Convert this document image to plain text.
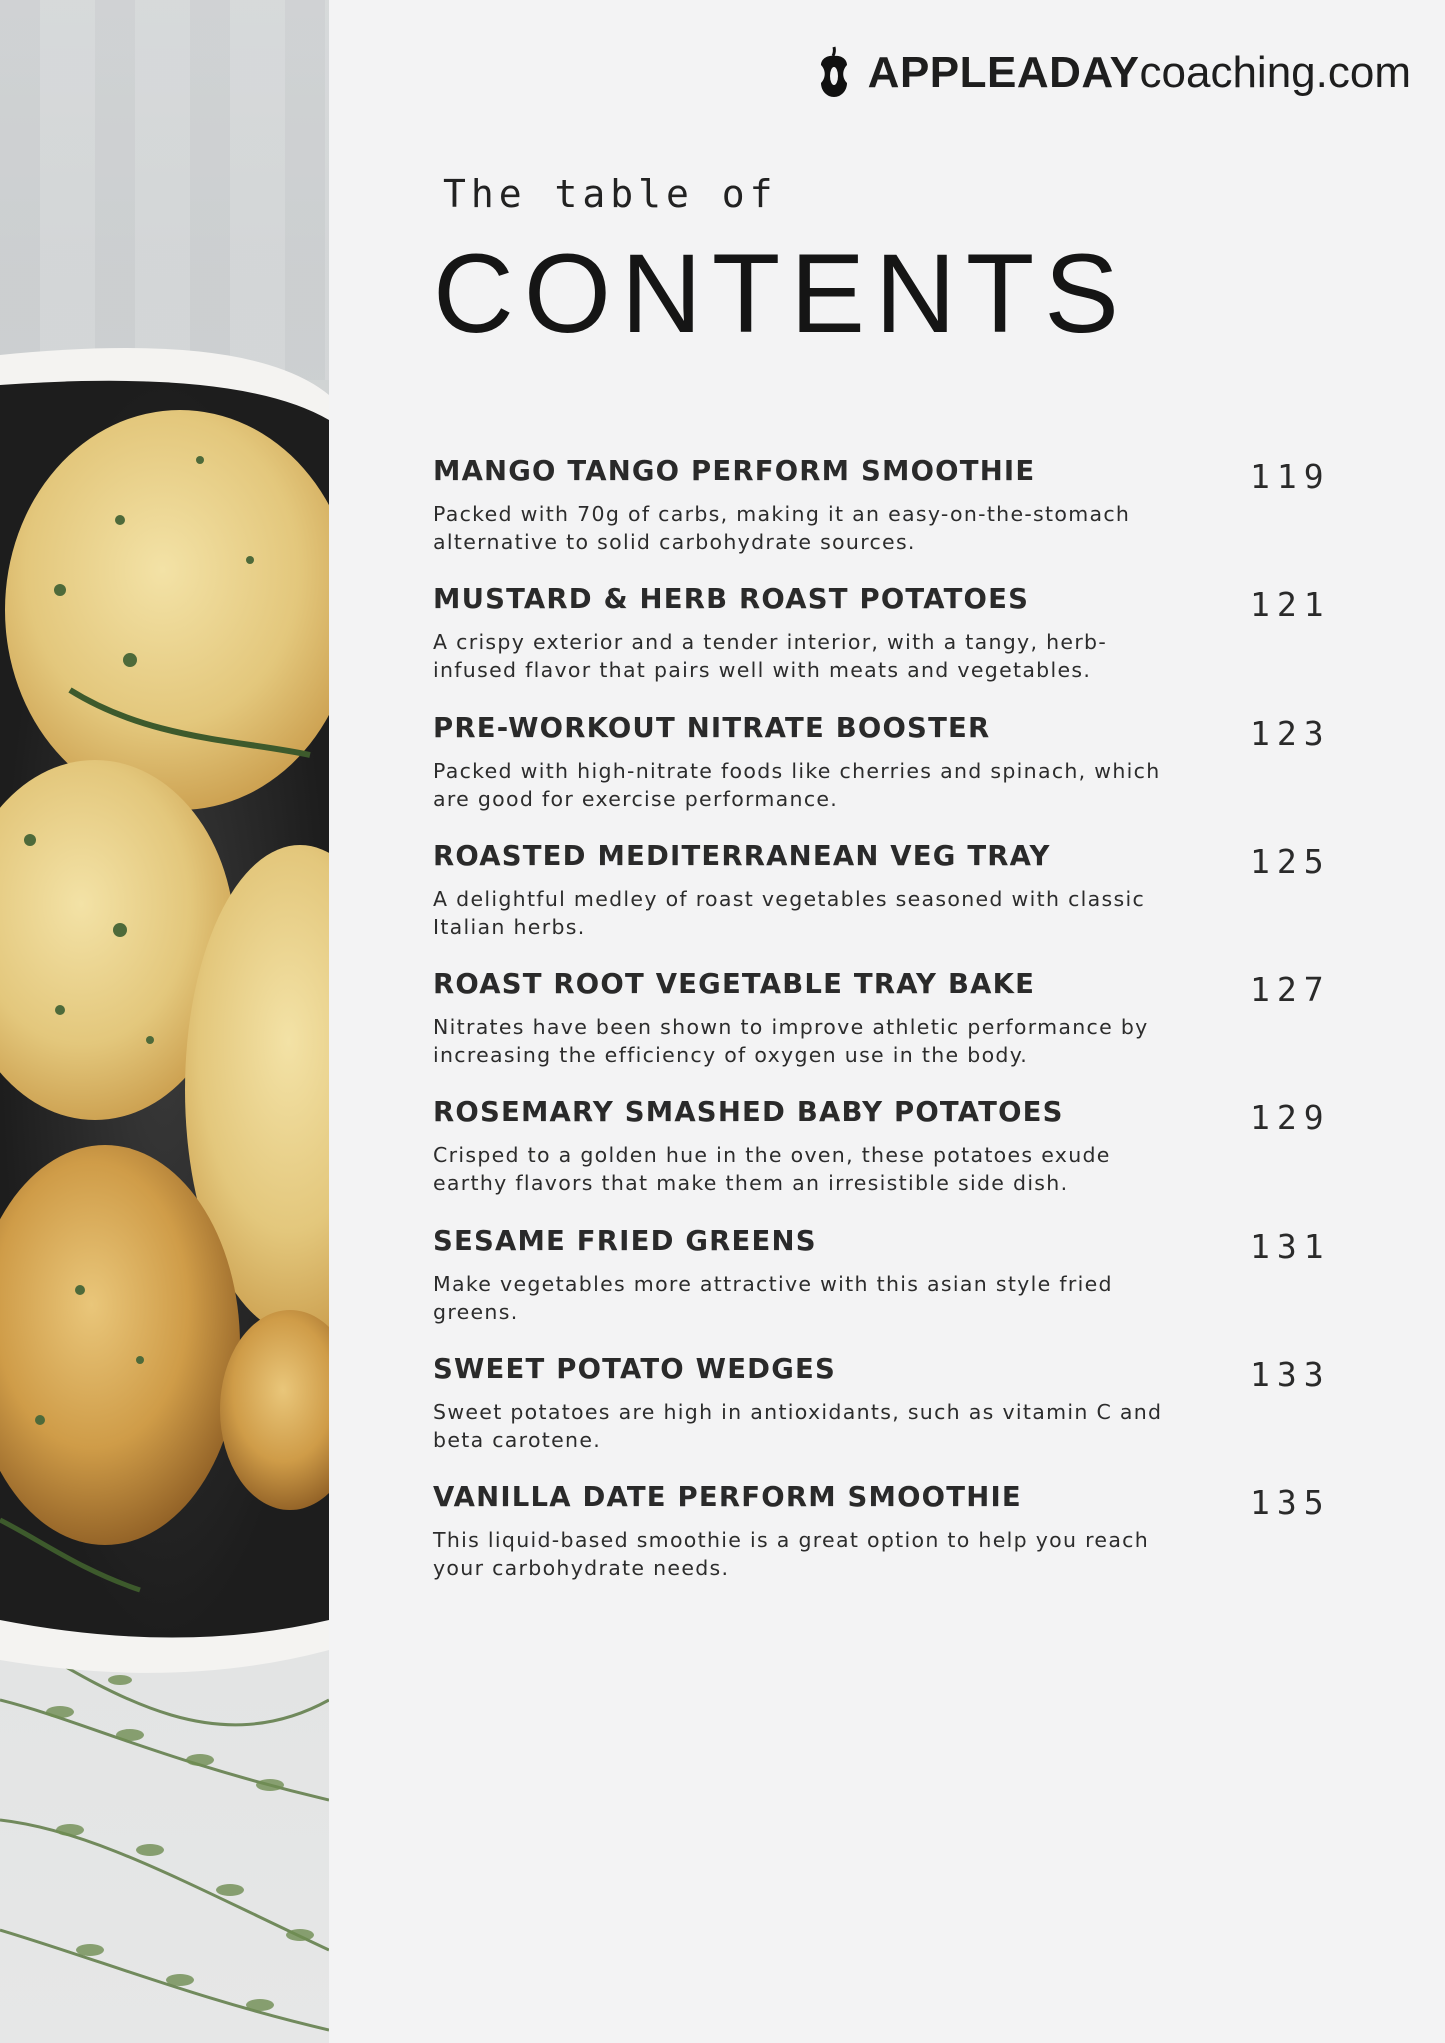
APPLEADAYcoaching.com
The table of
CONTENTS

MANGO TANGO PERFORM SMOOTHIE

Packed with 70g of carbs, making it an easy-on-the-stomach alternative to solid carbohydrate sources.

119

MUSTARD & HERB ROAST POTATOES

A crispy exterior and a tender interior, with a tangy, herb-infused flavor that pairs well with meats and vegetables.

121

PRE-WORKOUT NITRATE BOOSTER

Packed with high-nitrate foods like cherries and spinach, which are good for exercise performance.

123

ROASTED MEDITERRANEAN VEG TRAY

A delightful medley of roast vegetables seasoned with classic Italian herbs.

125

ROAST ROOT VEGETABLE TRAY BAKE

Nitrates have been shown to improve athletic performance by increasing the efficiency of oxygen use in the body.

127

ROSEMARY SMASHED BABY POTATOES

Crisped to a golden hue in the oven, these potatoes exude earthy flavors that make them an irresistible side dish.

129

SESAME FRIED GREENS

Make vegetables more attractive with this asian style fried greens.

131

SWEET POTATO WEDGES

Sweet potatoes are high in antioxidants, such as vitamin C and beta carotene.

133

VANILLA DATE PERFORM SMOOTHIE

This liquid-based smoothie is a great option to help you reach your carbohydrate needs.

135
